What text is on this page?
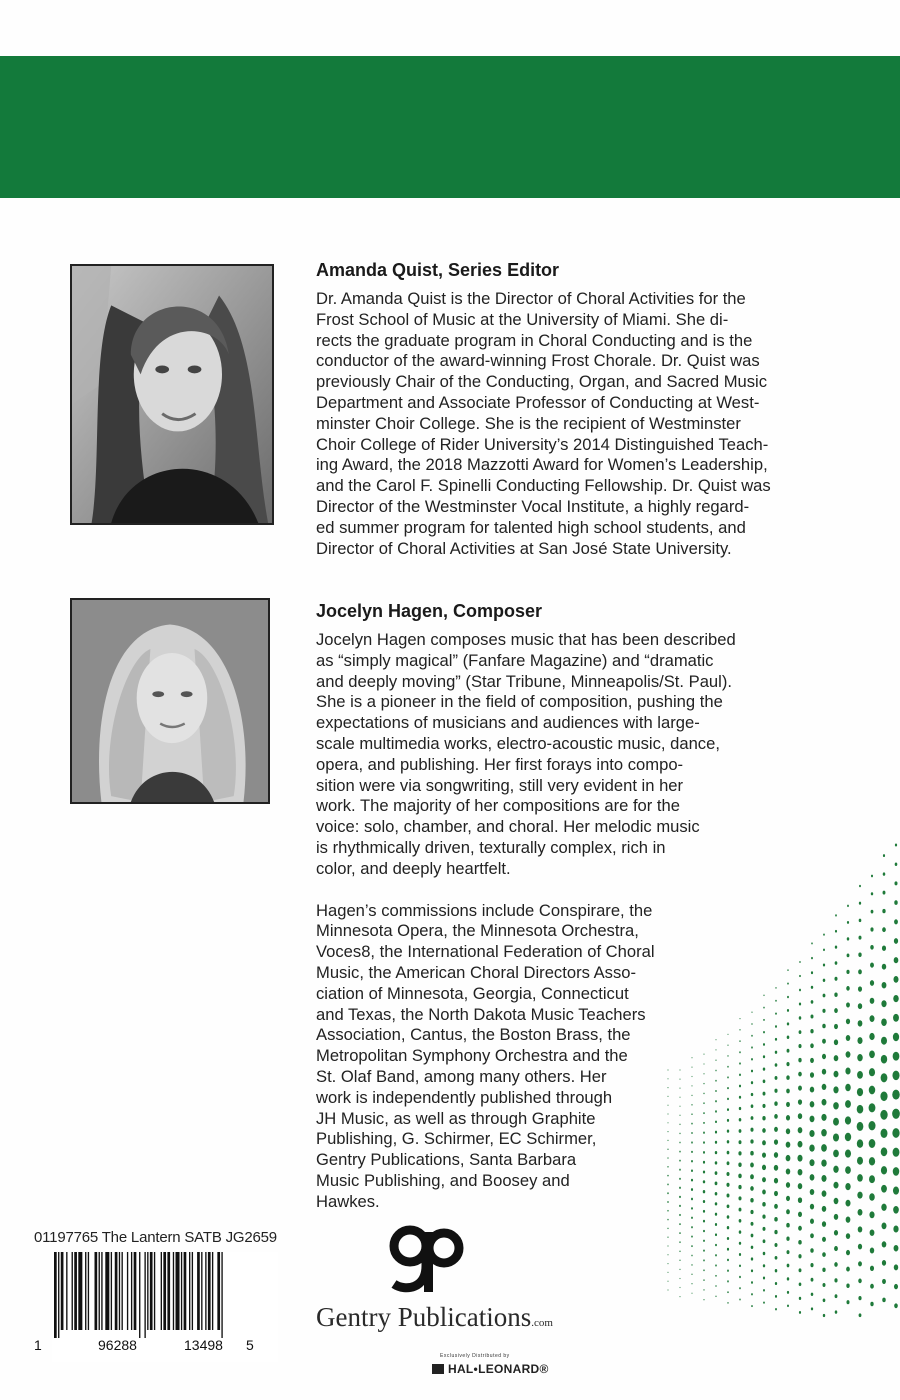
Amanda Quist, Series Editor

Dr. Amanda Quist is the Director of Choral Activities for the
Frost School of Music at the University of Miami. She di-
rects the graduate program in Choral Conducting and is the
conductor of the award-winning Frost Chorale. Dr. Quist was
previously Chair of the Conducting, Organ, and Sacred Music
Department and Associate Professor of Conducting at West-
minster Choir College. She is the recipient of Westminster
Choir College of Rider University’s 2014 Distinguished Teach-
ing Award, the 2018 Mazzotti Award for Women’s Leadership,
and the Carol F. Spinelli Conducting Fellowship. Dr. Quist was
Director of the Westminster Vocal Institute, a highly regard-
ed summer program for talented high school students, and
Director of Choral Activities at San José State University.

Jocelyn Hagen, Composer

Jocelyn Hagen composes music that has been described
as “simply magical” (Fanfare Magazine) and “dramatic
and deeply moving” (Star Tribune, Minneapolis/St. Paul).
She is a pioneer in the field of composition, pushing the
expectations of musicians and audiences with large-
scale multimedia works, electro-acoustic music, dance,
opera, and publishing. Her first forays into compo-
sition were via songwriting, still very evident in her
work. The majority of her compositions are for the
voice: solo, chamber, and choral. Her melodic music
is rhythmically driven, texturally complex, rich in
color, and deeply heartfelt.

Hagen’s commissions include Conspirare, the
Minnesota Opera, the Minnesota Orchestra,
Voces8, the International Federation of Choral
Music, the American Choral Directors Asso-
ciation of Minnesota, Georgia, Connecticut
and Texas, the North Dakota Music Teachers
Association, Cantus, the Boston Brass, the
Metropolitan Symphony Orchestra and the
St. Olaf Band, among many others. Her
work is independently published through
JH Music, as well as through Graphite
Publishing, G. Schirmer, EC Schirmer,
Gentry Publications, Santa Barbara
Music Publishing, and Boosey and
Hawkes.

01197765 The Lantern SATB JG2659
1	96288	13498 5
Gentry Publications.com
Exclusively Distributed by
HAL•LEONARD®
